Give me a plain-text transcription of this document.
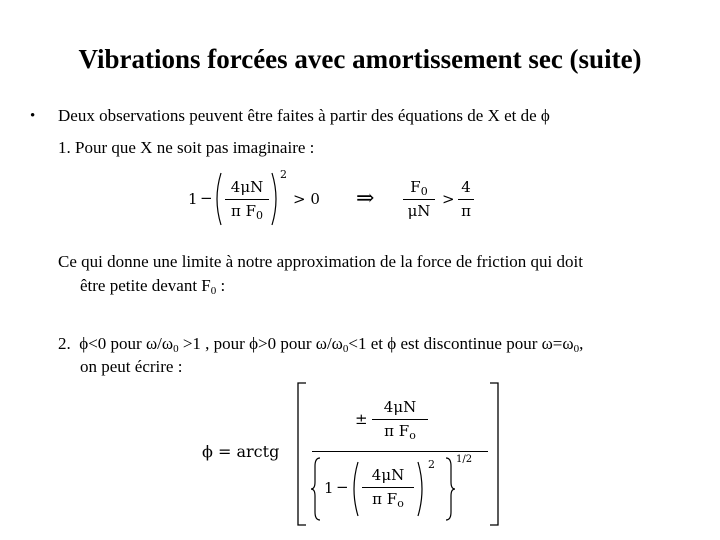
Vibrations forcées avec amortissement sec (suite)
• Deux observations peuvent être faites à partir des équations de X et de ϕ
1. Pour que X ne soit pas imaginaire :
1 −
4μN
π $F_0$
2
> 0 ⇒	$F_0$
μN
>
4
π
Ce qui donne une limite à notre approximation de la force de friction qui doit
être petite devant $F_0$ :
2. ϕ<0 pour $\omega/\omega_0 >1$ , pour ϕ>0 pour $\omega/\omega_0<1$ et ϕ est discontinue pour $\omega=\omega_0$,
on peut écrire :
ϕ = arctg
±
4μN
π $F_o$
1 −
4μN
π $F_o$
2 1/2
